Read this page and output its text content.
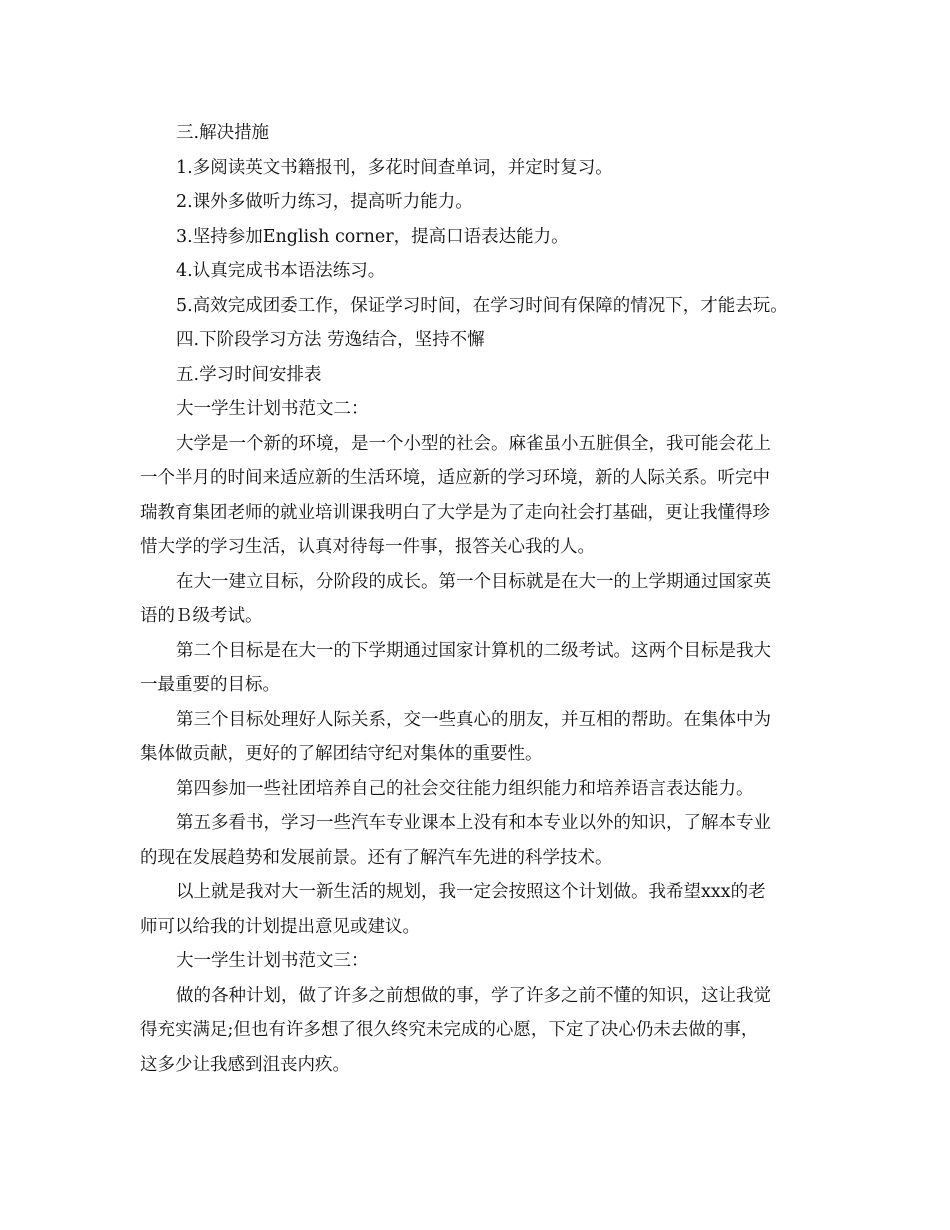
三.解决措施
1.多阅读英文书籍报刊，多花时间查单词，并定时复习。
2.课外多做听力练习，提高听力能力。
3.坚持参加English corner，提高口语表达能力。
4.认真完成书本语法练习。
5.高效完成团委工作，保证学习时间，在学习时间有保障的情况下，才能去玩。
四.下阶段学习方法 劳逸结合，坚持不懈
五.学习时间安排表
大一学生计划书范文二：
大学是一个新的环境，是一个小型的社会。麻雀虽小五脏俱全，我可能会花上
一个半月的时间来适应新的生活环境，适应新的学习环境，新的人际关系。听完中
瑞教育集团老师的就业培训课我明白了大学是为了走向社会打基础，更让我懂得珍
惜大学的学习生活，认真对待每一件事，报答关心我的人。
在大一建立目标，分阶段的成长。第一个目标就是在大一的上学期通过国家英
语的Ｂ级考试。
第二个目标是在大一的下学期通过国家计算机的二级考试。这两个目标是我大
一最重要的目标。
第三个目标处理好人际关系，交一些真心的朋友，并互相的帮助。在集体中为
集体做贡献，更好的了解团结守纪对集体的重要性。
第四参加一些社团培养自己的社会交往能力组织能力和培养语言表达能力。
第五多看书，学习一些汽车专业课本上没有和本专业以外的知识，了解本专业
的现在发展趋势和发展前景。还有了解汽车先进的科学技术。
以上就是我对大一新生活的规划，我一定会按照这个计划做。我希望xxx的老
师可以给我的计划提出意见或建议。
大一学生计划书范文三：
做的各种计划，做了许多之前想做的事，学了许多之前不懂的知识，这让我觉
得充实满足;但也有许多想了很久终究未完成的心愿，下定了决心仍未去做的事，
这多少让我感到沮丧内疚。
